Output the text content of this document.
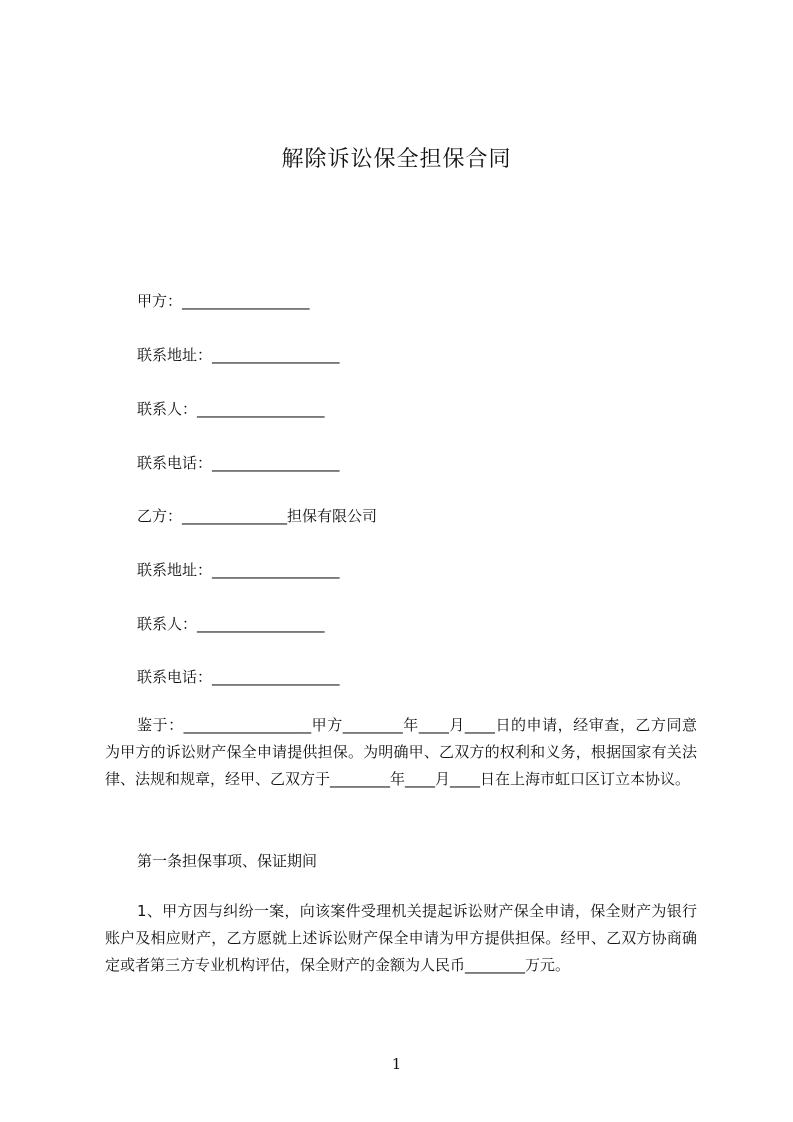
解除诉讼保全担保合同
甲方：_________________
联系地址：_________________
联系人：_________________
联系电话：_________________
乙方：______________担保有限公司
联系地址：_________________
联系人：_________________
联系电话：_________________

鉴于：_________________甲方________年____月____日的申请，经审查，乙方同意为甲方的诉讼财产保全申请提供担保。为明确甲、乙双方的权利和义务，根据国家有关法律、法规和规章，经甲、乙双方于________年____月____日在上海市虹口区订立本协议。

第一条担保事项、保证期间

1、甲方因与纠纷一案，向该案件受理机关提起诉讼财产保全申请，保全财产为银行账户及相应财产，乙方愿就上述诉讼财产保全申请为甲方提供担保。经甲、乙双方协商确定或者第三方专业机构评估，保全财产的金额为人民币________万元。

1
